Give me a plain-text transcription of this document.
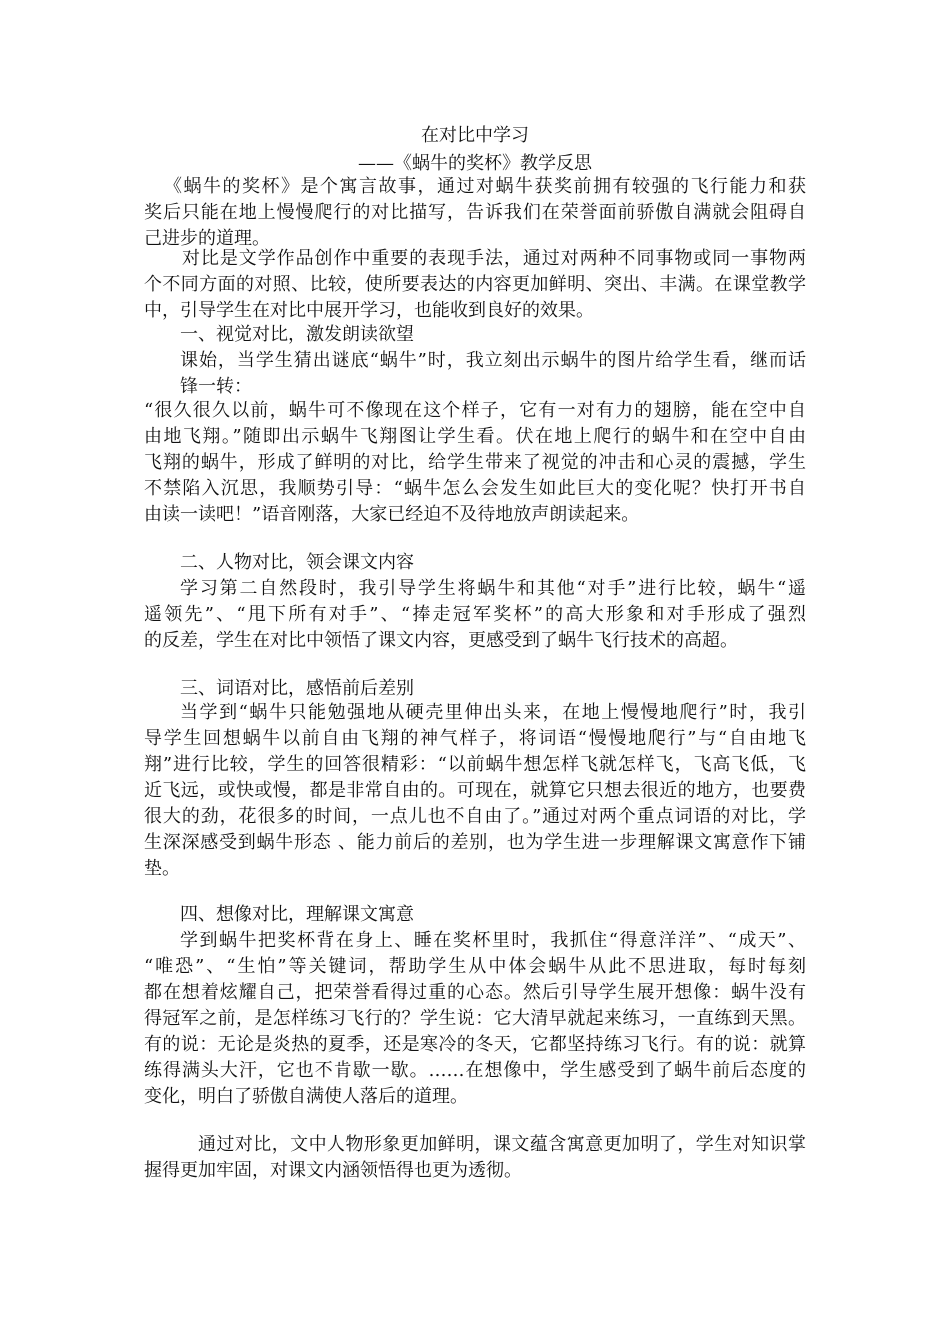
在对比中学习
——《蜗牛的奖杯》教学反思
《蜗牛的奖杯》是个寓言故事，通过对蜗牛获奖前拥有较强的飞行能力和获
奖后只能在地上慢慢爬行的对比描写，告诉我们在荣誉面前骄傲自满就会阻碍自
己进步的道理。
对比是文学作品创作中重要的表现手法，通过对两种不同事物或同一事物两
个不同方面的对照、比较，使所要表达的内容更加鲜明、突出、丰满。在课堂教学
中，引导学生在对比中展开学习，也能收到良好的效果。
一、视觉对比，激发朗读欲望
课始，当学生猜出谜底“蜗牛”时，我立刻出示蜗牛的图片给学生看，继而话
锋一转：
“很久很久以前，蜗牛可不像现在这个样子，它有一对有力的翅膀，能在空中自
由地飞翔。”随即出示蜗牛飞翔图让学生看。伏在地上爬行的蜗牛和在空中自由
飞翔的蜗牛，形成了鲜明的对比，给学生带来了视觉的冲击和心灵的震撼，学生
不禁陷入沉思，我顺势引导：“蜗牛怎么会发生如此巨大的变化呢？快打开书自
由读一读吧！”语音刚落，大家已经迫不及待地放声朗读起来。
二、人物对比，领会课文内容
学习第二自然段时，我引导学生将蜗牛和其他“对手”进行比较，蜗牛“遥
遥领先”、“甩下所有对手”、“捧走冠军奖杯”的高大形象和对手形成了强烈
的反差，学生在对比中领悟了课文内容，更感受到了蜗牛飞行技术的高超。
三、词语对比，感悟前后差别
当学到“蜗牛只能勉强地从硬壳里伸出头来，在地上慢慢地爬行”时，我引
导学生回想蜗牛以前自由飞翔的神气样子，将词语“慢慢地爬行”与“自由地飞
翔”进行比较，学生的回答很精彩：“以前蜗牛想怎样飞就怎样飞，飞高飞低，飞
近飞远，或快或慢，都是非常自由的。可现在，就算它只想去很近的地方，也要费
很大的劲，花很多的时间，一点儿也不自由了。”通过对两个重点词语的对比，学
生深深感受到蜗牛形态 、能力前后的差别，也为学生进一步理解课文寓意作下铺
垫。
四、想像对比，理解课文寓意
学到蜗牛把奖杯背在身上、睡在奖杯里时，我抓住“得意洋洋”、“成天”、
“唯恐”、“生怕”等关键词，帮助学生从中体会蜗牛从此不思进取，每时每刻
都在想着炫耀自己，把荣誉看得过重的心态。然后引导学生展开想像：蜗牛没有
得冠军之前，是怎样练习飞行的？学生说：它大清早就起来练习，一直练到天黑。
有的说：无论是炎热的夏季，还是寒冷的冬天，它都坚持练习飞行。有的说：就算
练得满头大汗，它也不肯歇一歇。……在想像中，学生感受到了蜗牛前后态度的
变化，明白了骄傲自满使人落后的道理。
通过对比，文中人物形象更加鲜明，课文蕴含寓意更加明了，学生对知识掌
握得更加牢固，对课文内涵领悟得也更为透彻。
